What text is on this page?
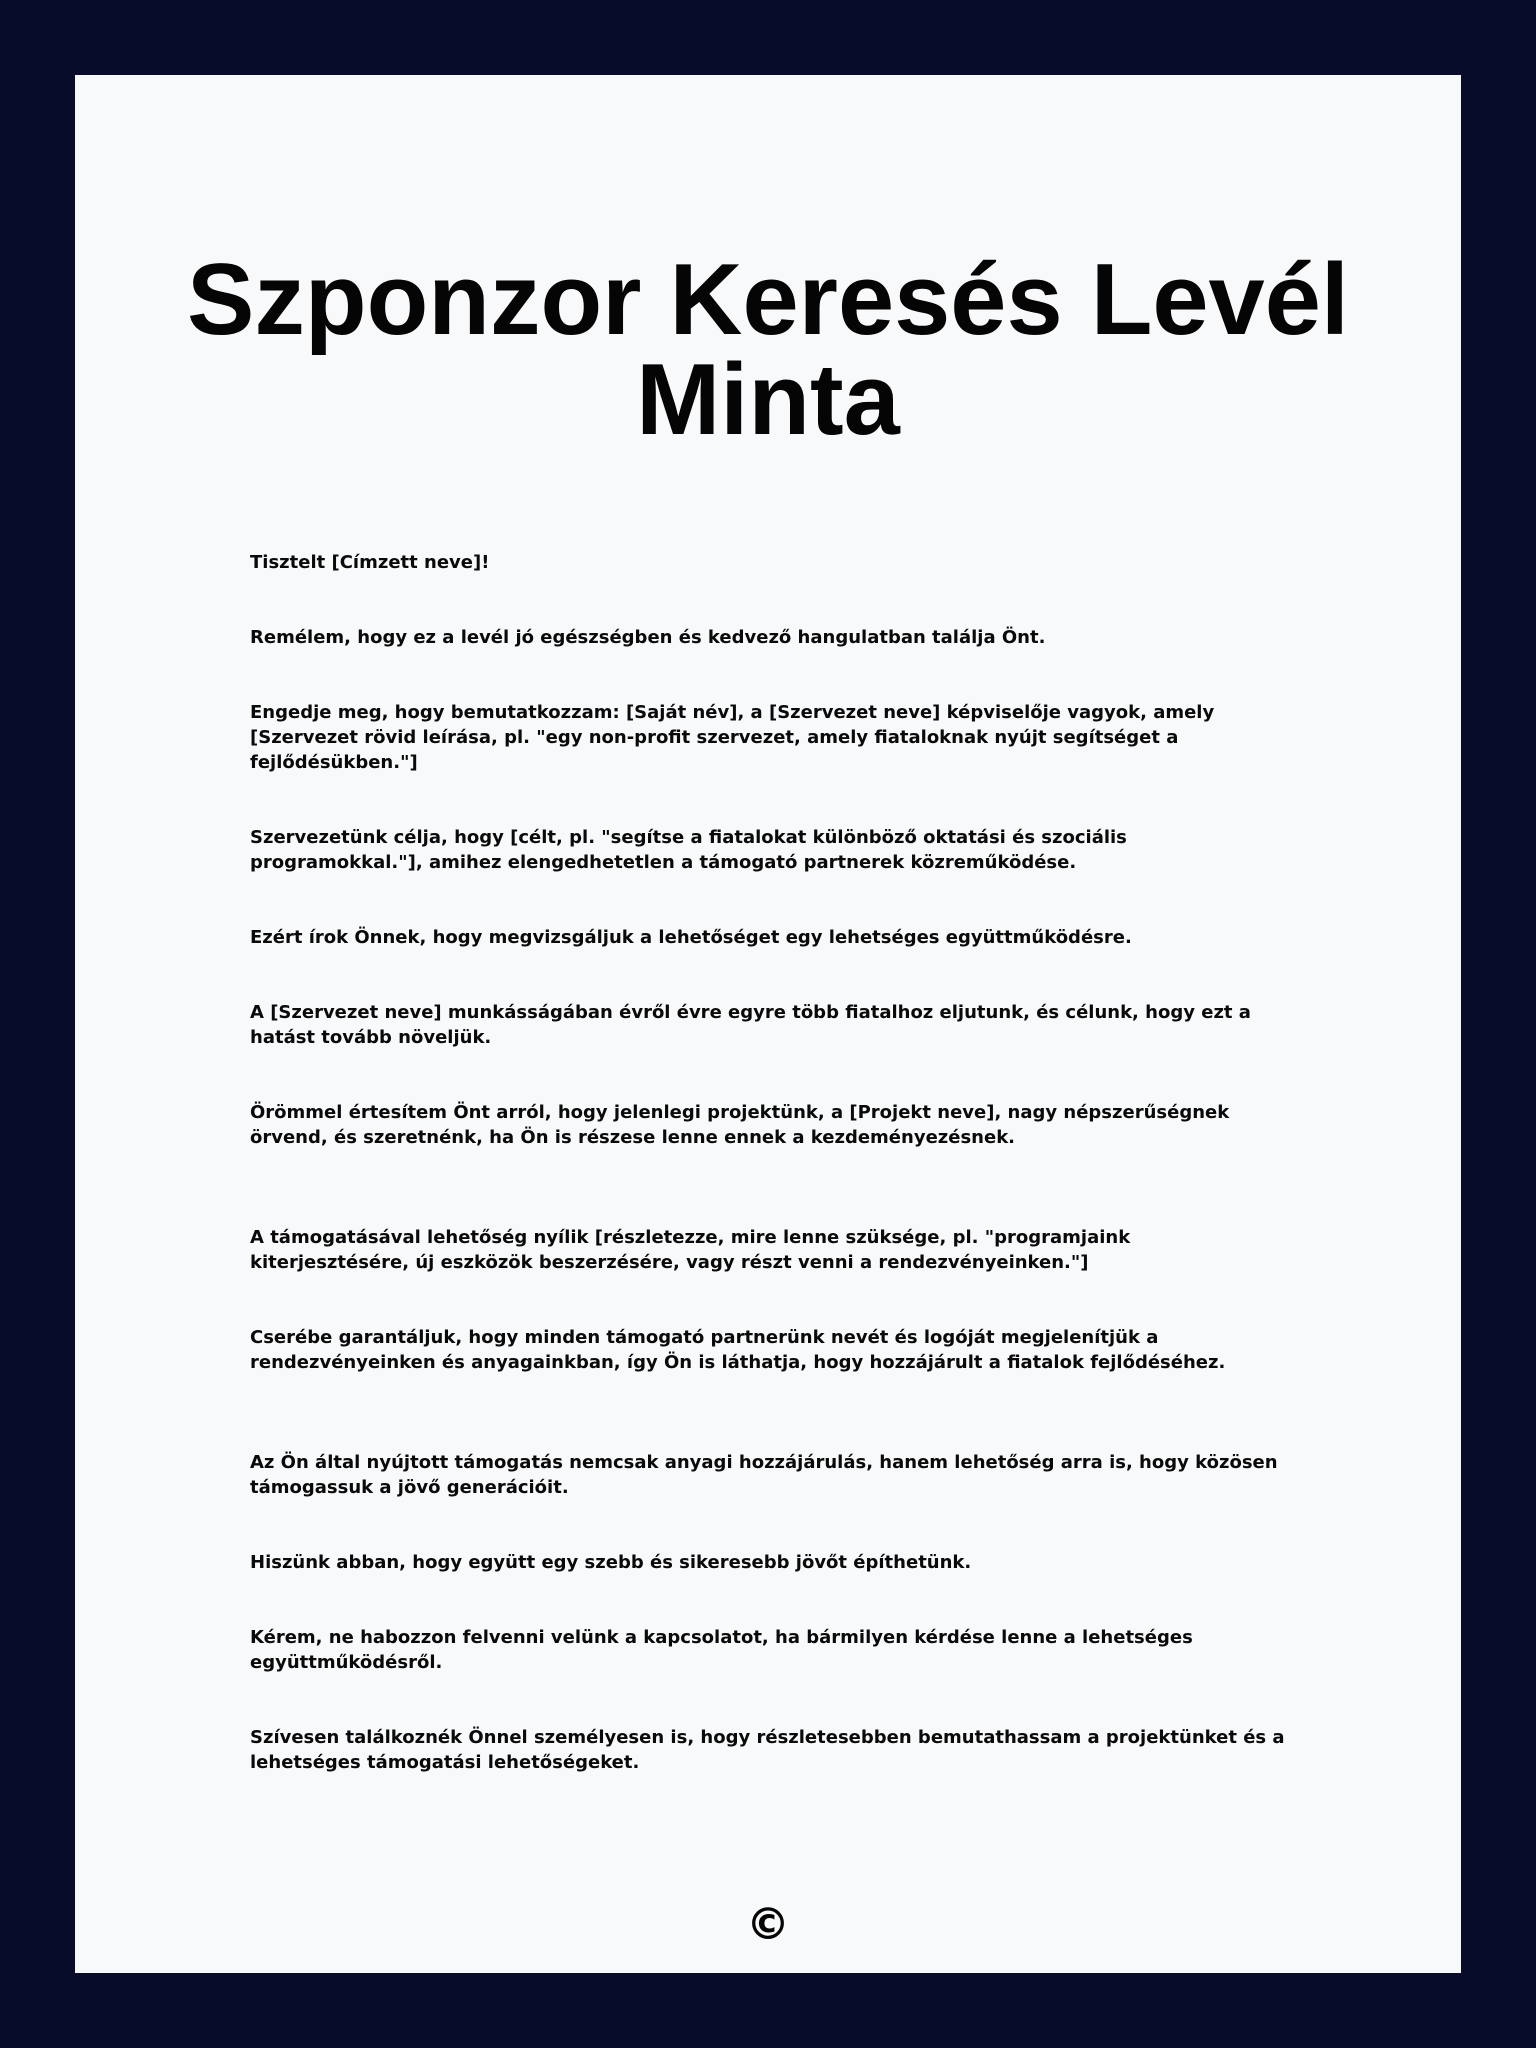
Szponzor Keresés Levél Minta

Tisztelt [Címzett neve]!

Remélem, hogy ez a levél jó egészségben és kedvező hangulatban találja Önt.

Engedje meg, hogy bemutatkozzam: [Saját név], a [Szervezet neve] képviselője vagyok, amely [Szervezet rövid leírása, pl. "egy non-profit szervezet, amely fiataloknak nyújt segítséget a fejlődésükben."]

Szervezetünk célja, hogy [célt, pl. "segítse a fiatalokat különböző oktatási és szociális programokkal."], amihez elengedhetetlen a támogató partnerek közreműködése.

Ezért írok Önnek, hogy megvizsgáljuk a lehetőséget egy lehetséges együttműködésre.

A [Szervezet neve] munkásságában évről évre egyre több fiatalhoz eljutunk, és célunk, hogy ezt a hatást tovább növeljük.

Örömmel értesítem Önt arról, hogy jelenlegi projektünk, a [Projekt neve], nagy népszerűségnek örvend, és szeretnénk, ha Ön is részese lenne ennek a kezdeményezésnek.

A támogatásával lehetőség nyílik [részletezze, mire lenne szüksége, pl. "programjaink kiterjesztésére, új eszközök beszerzésére, vagy részt venni a rendezvényeinken."]

Cserébe garantáljuk, hogy minden támogató partnerünk nevét és logóját megjelenítjük a rendezvényeinken és anyagainkban, így Ön is láthatja, hogy hozzájárult a fiatalok fejlődéséhez.

Az Ön által nyújtott támogatás nemcsak anyagi hozzájárulás, hanem lehetőség arra is, hogy közösen támogassuk a jövő generációit.

Hiszünk abban, hogy együtt egy szebb és sikeresebb jövőt építhetünk.

Kérem, ne habozzon felvenni velünk a kapcsolatot, ha bármilyen kérdése lenne a lehetséges együttműködésről.

Szívesen találkoznék Önnel személyesen is, hogy részletesebben bemutathassam a projektünket és a lehetséges támogatási lehetőségeket.

©
